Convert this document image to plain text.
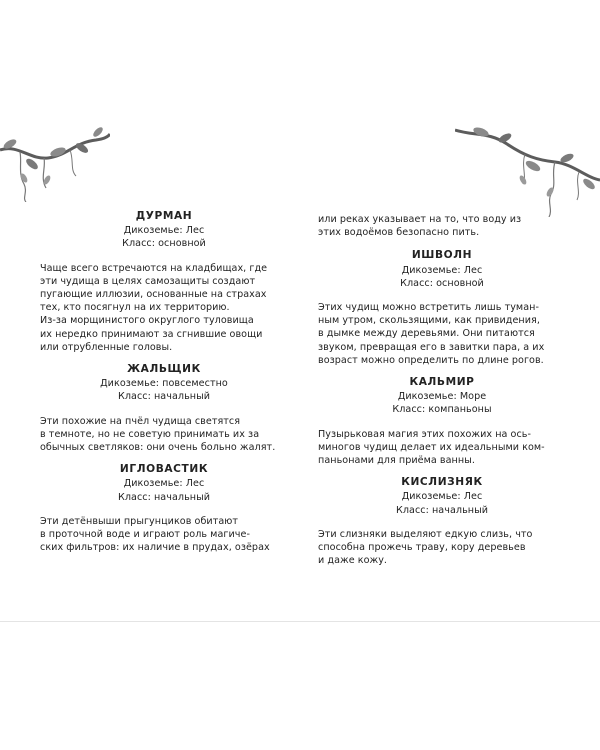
ДУРМАН

Дикоземье: Лес

Класс: основной

Чаще всего встречаются на кладбищах, где
эти чудища в целях самозащиты создают
пугающие иллюзии, основанные на страхах
тех, кто посягнул на их территорию.
Из-за морщинистого округлого туловища
их нередко принимают за сгнившие овощи
или отрубленные головы.

ЖАЛЬЩИК

Дикоземье: повсеместно

Класс: начальный

Эти похожие на пчёл чудища светятся
в темноте, но не советую принимать их за
обычных светляков: они очень больно жалят.

ИГЛОВАСТИК

Дикоземье: Лес

Класс: начальный

Эти детёнвыши прыгунциков обитают
в проточной воде и играют роль магиче-
ских фильтров: их наличие в прудах, озёрах
или реках указывает на то, что воду из
этих водоёмов безопасно пить.

ИШВОЛН

Дикоземье: Лес

Класс: основной

Этих чудищ можно встретить лишь туман-
ным утром, скользящими, как привидения,
в дымке между деревьями. Они питаются
звуком, превращая его в завитки пара, а их
возраст можно определить по длине рогов.

КАЛЬМИР

Дикоземье: Море

Класс: компаньоны

Пузырьковая магия этих похожих на ось-
миногов чудищ делает их идеальными ком-
паньонами для приёма ванны.

КИСЛИЗНЯК

Дикоземье: Лес

Класс: начальный

Эти слизняки выделяют едкую слизь, что
способна прожечь траву, кору деревьев
и даже кожу.
